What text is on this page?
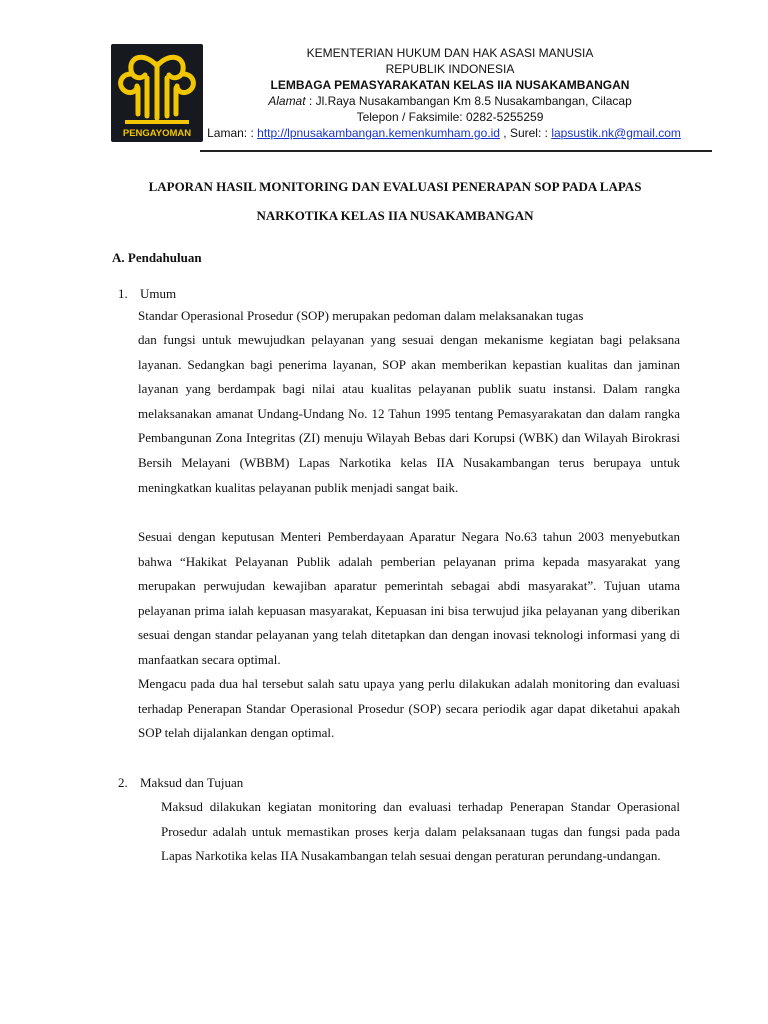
PENGAYOMAN
KEMENTERIAN HUKUM DAN HAK ASASI MANUSIA
REPUBLIK INDONESIA
LEMBAGA PEMASYARAKATAN KELAS IIA NUSAKAMBANGAN
Alamat : Jl.Raya Nusakambangan Km 8.5 Nusakambangan, Cilacap
Telepon / Faksimile: 0282-5255259
Laman: : http://lpnusakambangan.kemenkumham.go.id , Surel: : lapsustik.nk@gmail.com
LAPORAN HASIL MONITORING DAN EVALUASI PENERAPAN SOP PADA LAPAS
NARKOTIKA KELAS IIA NUSAKAMBANGAN
A. Pendahuluan

1. Umum

Standar Operasional Prosedur (SOP) merupakan pedoman dalam melaksanakan tugas

dan fungsi untuk mewujudkan pelayanan yang sesuai dengan mekanisme kegiatan bagi pelaksana layanan. Sedangkan bagi penerima layanan, SOP akan memberikan kepastian kualitas dan jaminan layanan yang berdampak bagi nilai atau kualitas pelayanan publik suatu instansi. Dalam rangka melaksanakan amanat Undang-Undang No. 12 Tahun 1995 tentang Pemasyarakatan dan dalam rangka Pembangunan Zona Integritas (ZI) menuju Wilayah Bebas dari Korupsi (WBK) dan Wilayah Birokrasi Bersih Melayani (WBBM) Lapas Narkotika kelas IIA Nusakambangan terus berupaya untuk meningkatkan kualitas pelayanan publik menjadi sangat baik.

Sesuai dengan keputusan Menteri Pemberdayaan Aparatur Negara No.63 tahun 2003 menyebutkan bahwa “Hakikat Pelayanan Publik adalah pemberian pelayanan prima kepada masyarakat yang merupakan perwujudan kewajiban aparatur pemerintah sebagai abdi masyarakat”. Tujuan utama pelayanan prima ialah kepuasan masyarakat, Kepuasan ini bisa terwujud jika pelayanan yang diberikan sesuai dengan standar pelayanan yang telah ditetapkan dan dengan inovasi teknologi informasi yang di manfaatkan secara optimal.

Mengacu pada dua hal tersebut salah satu upaya yang perlu dilakukan adalah monitoring dan evaluasi terhadap Penerapan Standar Operasional Prosedur (SOP) secara periodik agar dapat diketahui apakah SOP telah dijalankan dengan optimal.

2. Maksud dan Tujuan

Maksud dilakukan kegiatan monitoring dan evaluasi terhadap Penerapan Standar Operasional Prosedur adalah untuk memastikan proses kerja dalam pelaksanaan tugas dan fungsi pada pada Lapas Narkotika kelas IIA Nusakambangan telah sesuai dengan peraturan perundang-undangan.
